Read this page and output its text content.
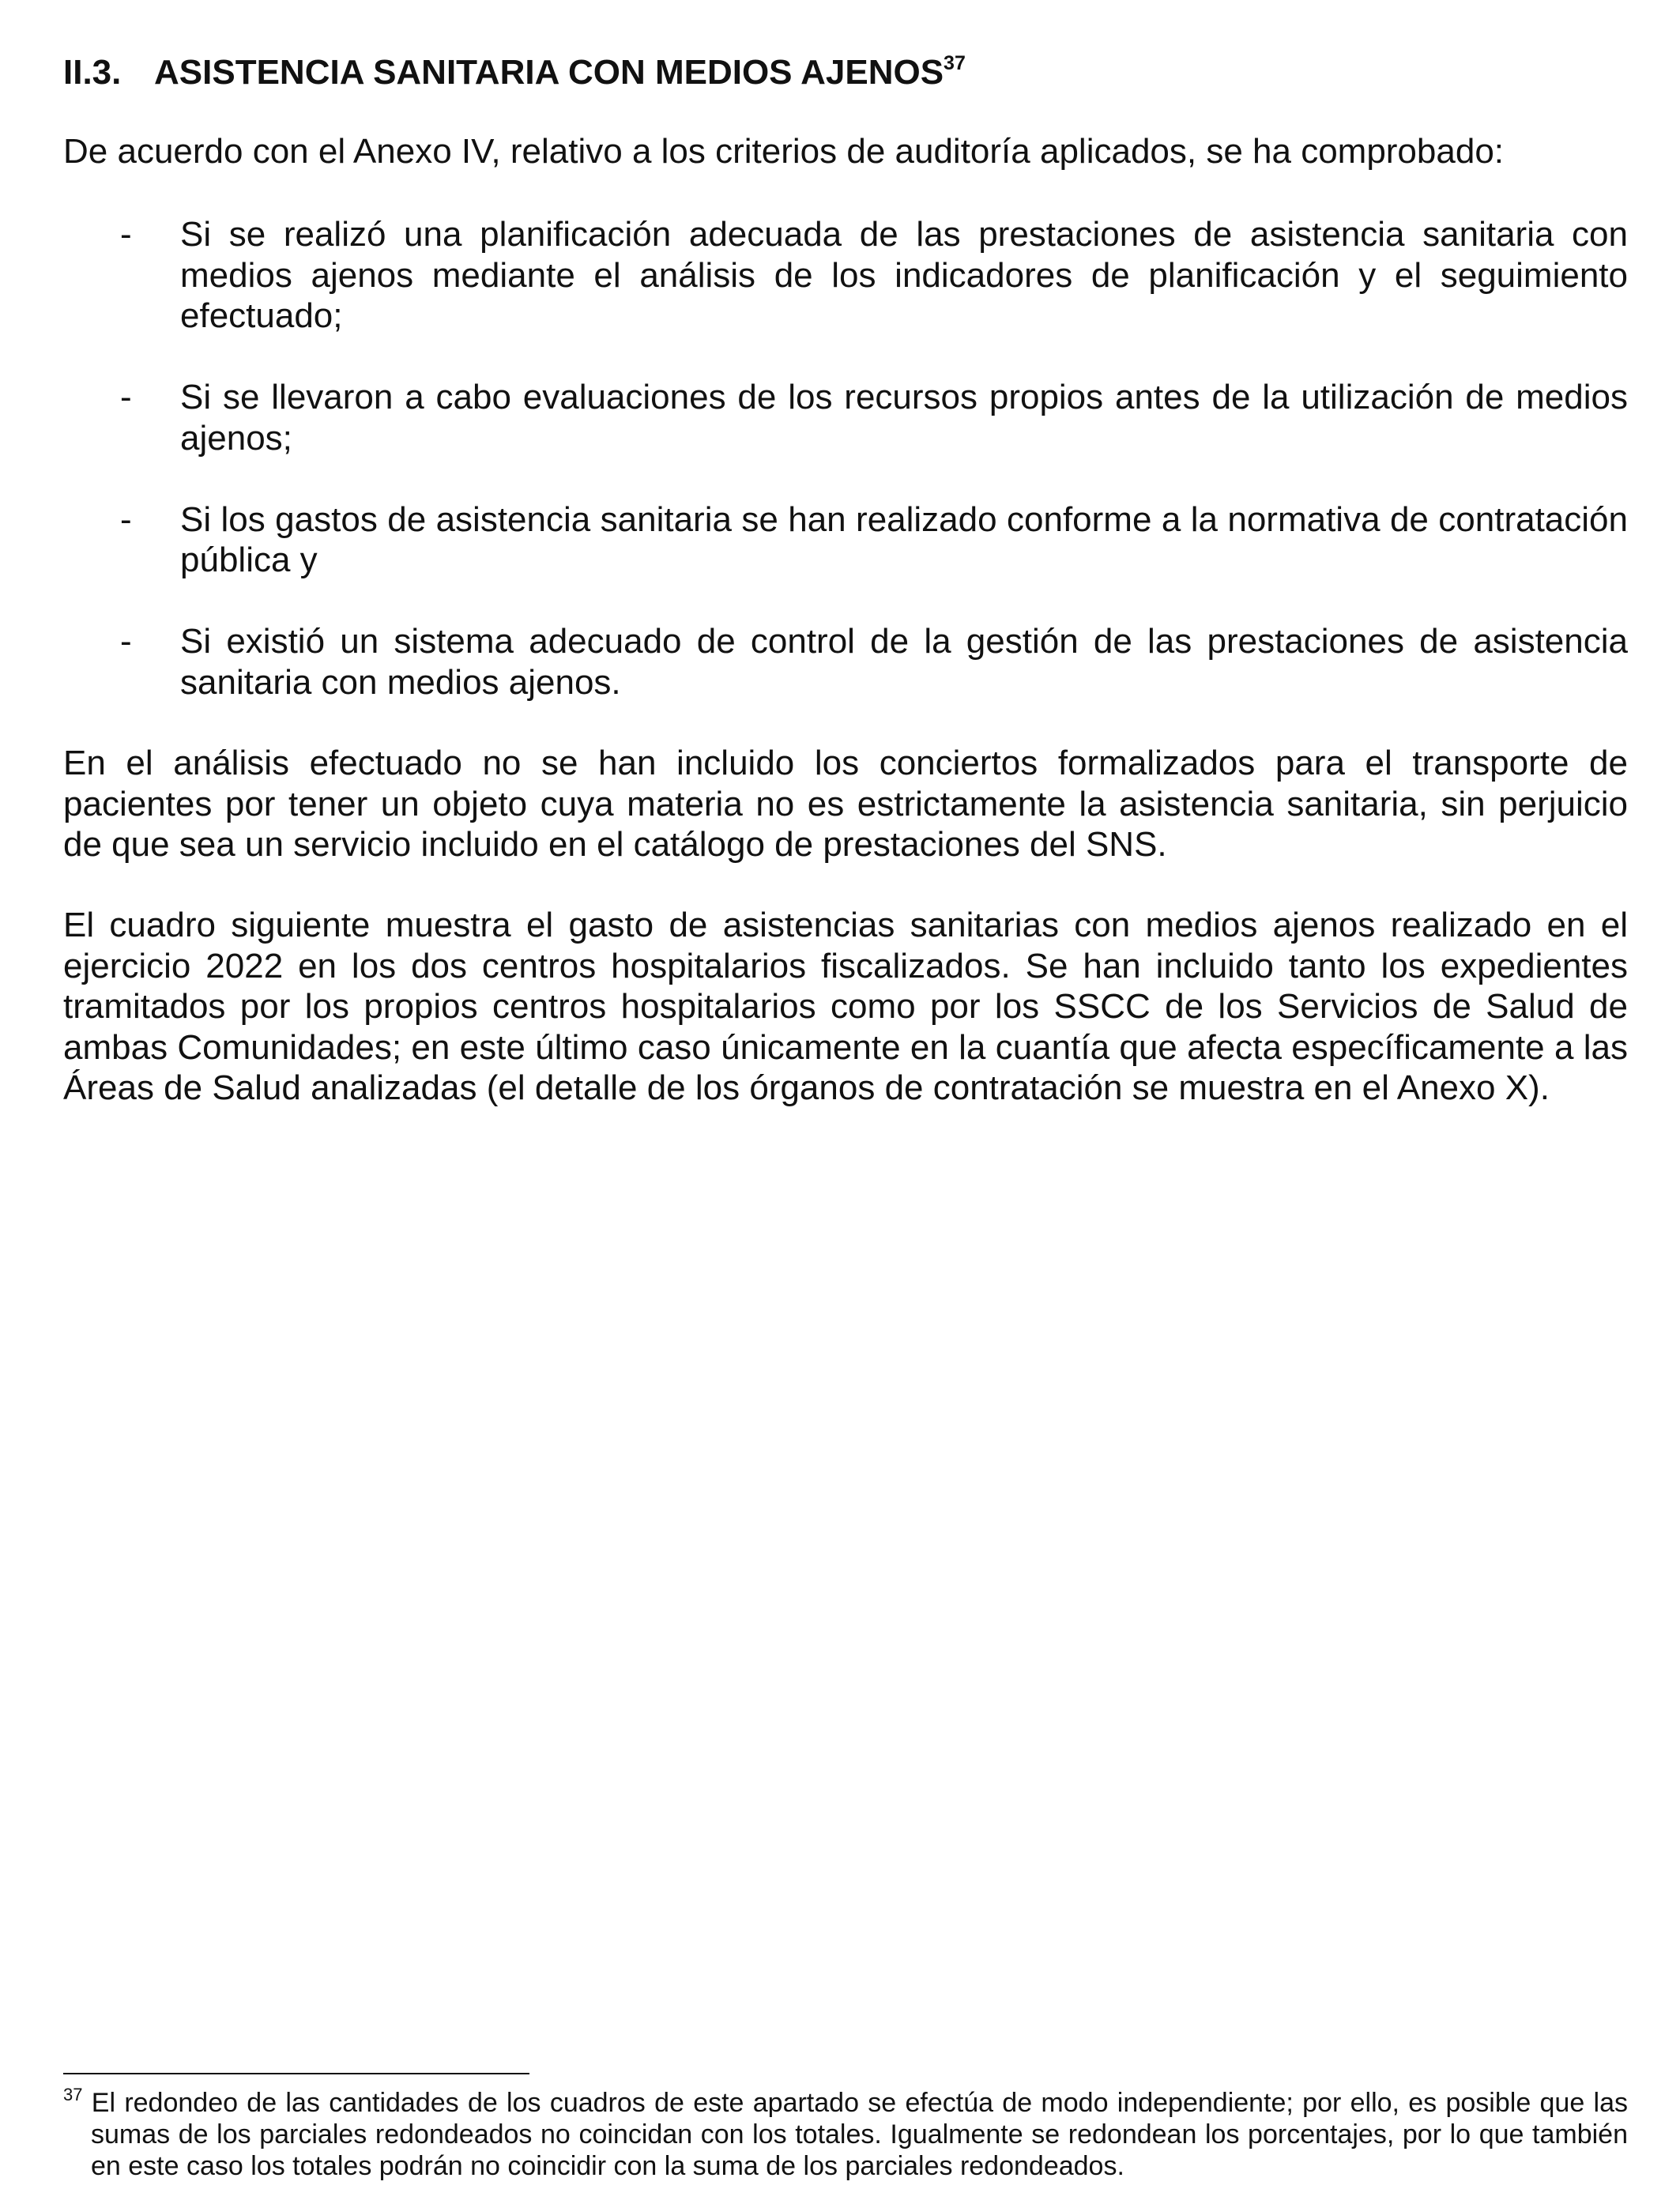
II.3. ASISTENCIA SANITARIA CON MEDIOS AJENOS$^{37}$

De acuerdo con el Anexo IV, relativo a los criterios de auditoría aplicados, se ha comprobado:

- Si se realizó una planificación adecuada de las prestaciones de asistencia sanitaria con medios ajenos mediante el análisis de los indicadores de planificación y el seguimiento efectuado;
- Si se llevaron a cabo evaluaciones de los recursos propios antes de la utilización de medios ajenos;
- Si los gastos de asistencia sanitaria se han realizado conforme a la normativa de contratación pública y
- Si existió un sistema adecuado de control de la gestión de las prestaciones de asistencia sanitaria con medios ajenos.

En el análisis efectuado no se han incluido los conciertos formalizados para el transporte de pacientes por tener un objeto cuya materia no es estrictamente la asistencia sanitaria, sin perjuicio de que sea un servicio incluido en el catálogo de prestaciones del SNS.

El cuadro siguiente muestra el gasto de asistencias sanitarias con medios ajenos realizado en el ejercicio 2022 en los dos centros hospitalarios fiscalizados. Se han incluido tanto los expedientes tramitados por los propios centros hospitalarios como por los SSCC de los Servicios de Salud de ambas Comunidades; en este último caso únicamente en la cuantía que afecta específicamente a las Áreas de Salud analizadas (el detalle de los órganos de contratación se muestra en el Anexo X).

$^{37}$ El redondeo de las cantidades de los cuadros de este apartado se efectúa de modo independiente; por ello, es posible que las sumas de los parciales redondeados no coincidan con los totales. Igualmente se redondean los porcentajes, por lo que también en este caso los totales podrán no coincidir con la suma de los parciales redondeados.
